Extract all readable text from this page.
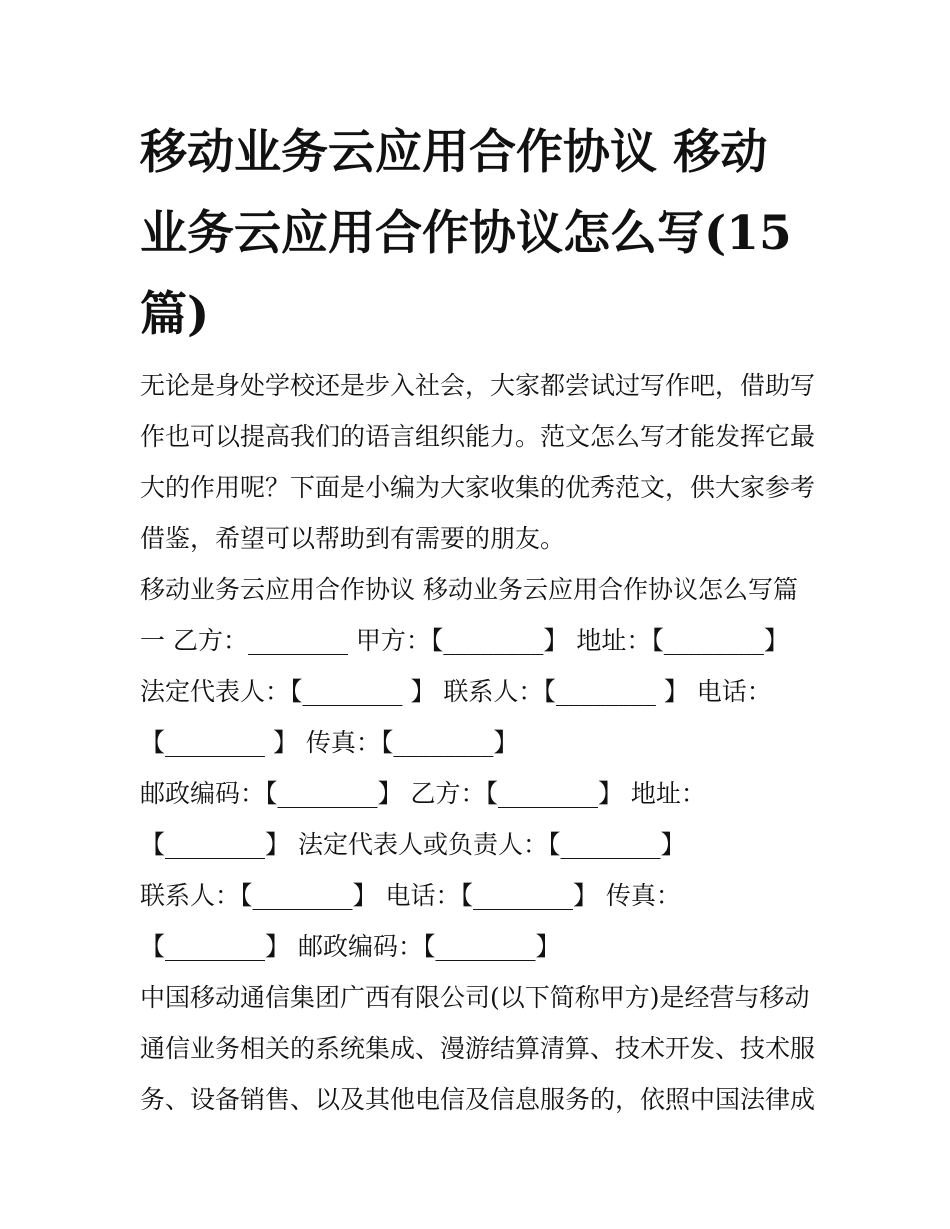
移动业务云应用合作协议 移动
业务云应用合作协议怎么写(15
篇)
无论是身处学校还是步入社会，大家都尝试过写作吧，借助写
作也可以提高我们的语言组织能力。范文怎么写才能发挥它最
大的作用呢？下面是小编为大家收集的优秀范文，供大家参考
借鉴，希望可以帮助到有需要的朋友。
移动业务云应用合作协议 移动业务云应用合作协议怎么写篇
一 乙方：________ 甲方：【________】 地址：【________】
法定代表人：【________ 】 联系人：【________ 】 电话：
【________ 】 传真：【________】
邮政编码：【________】 乙方：【________】 地址：
【________】 法定代表人或负责人：【________】
联系人：【________】 电话：【________】 传真：
【________】 邮政编码：【________】
中国移动通信集团广西有限公司(以下简称甲方)是经营与移动
通信业务相关的系统集成、漫游结算清算、技术开发、技术服
务、设备销售、以及其他电信及信息服务的，依照中国法律成
